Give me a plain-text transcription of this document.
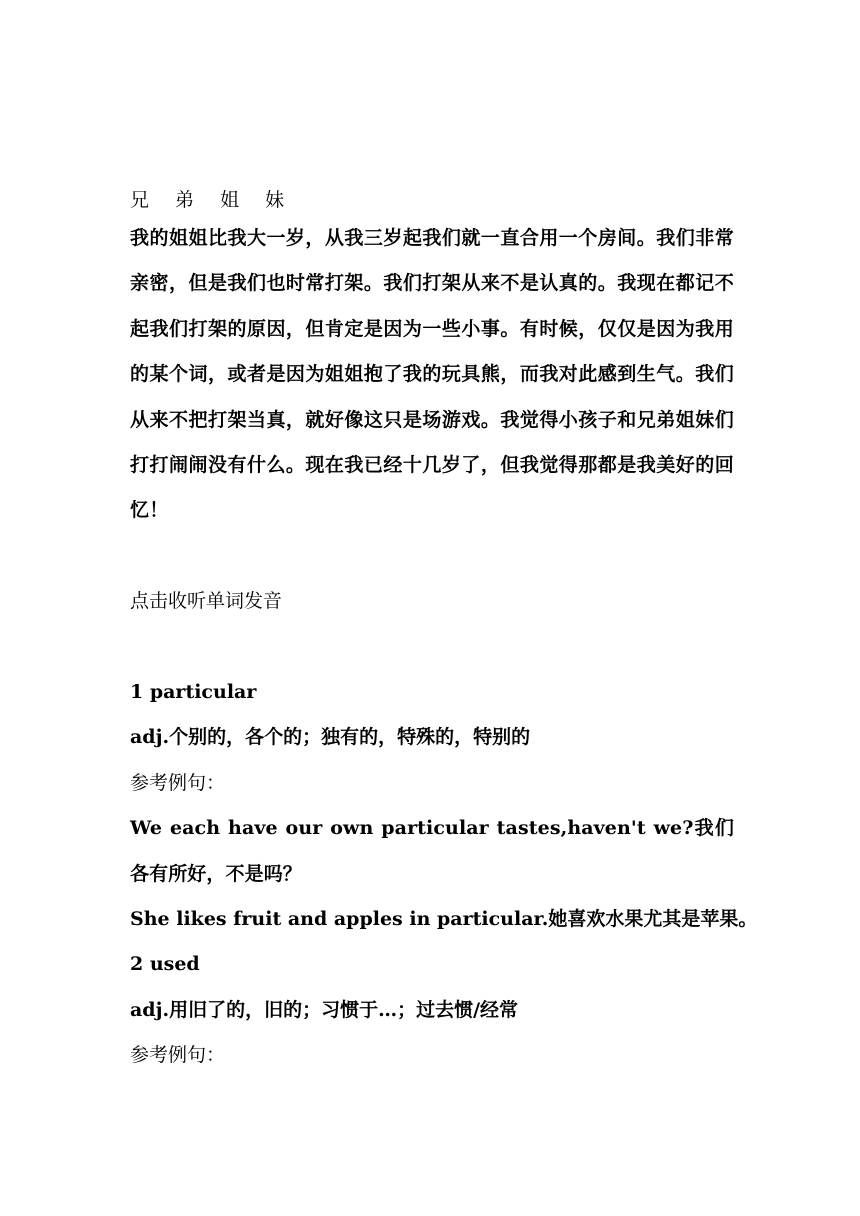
兄 弟 姐 妹

我的姐姐比我大一岁，从我三岁起我们就一直合用一个房间。我们非常亲密，但是我们也时常打架。我们打架从来不是认真的。我现在都记不起我们打架的原因，但肯定是因为一些小事。有时候，仅仅是因为我用的某个词，或者是因为姐姐抱了我的玩具熊，而我对此感到生气。我们从来不把打架当真，就好像这只是场游戏。我觉得小孩子和兄弟姐妹们打打闹闹没有什么。现在我已经十几岁了，但我觉得那都是我美好的回忆！

点击收听单词发音

1 particular

adj.个别的，各个的；独有的，特殊的，特别的

参考例句：

We each have our own particular tastes,haven't we?我们各有所好，不是吗？

She likes fruit and apples in particular.她喜欢水果尤其是苹果。

2 used

adj.用旧了的，旧的；习惯于…；过去惯/经常

参考例句：
